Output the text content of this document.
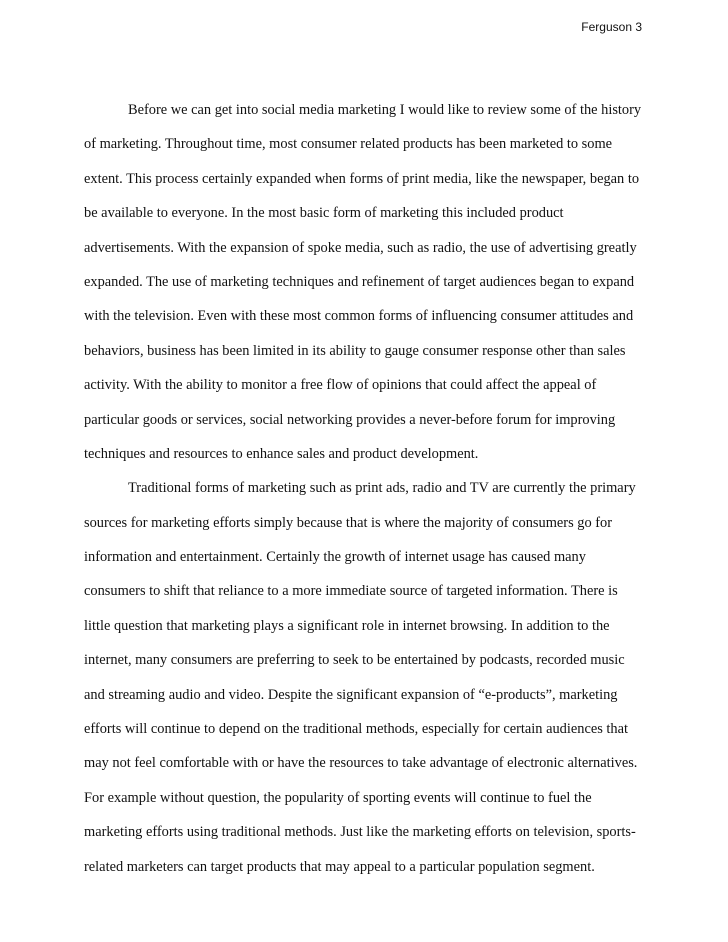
Ferguson 3
Before we can get into social media marketing I would like to review some of the history
of marketing. Throughout time, most consumer related products has been marketed to some
extent. This process certainly expanded when forms of print media, like the newspaper, began to
be available to everyone. In the most basic form of marketing this included product
advertisements. With the expansion of spoke media, such as radio, the use of advertising greatly
expanded. The use of marketing techniques and refinement of target audiences began to expand
with the television. Even with these most common forms of influencing consumer attitudes and
behaviors, business has been limited in its ability to gauge consumer response other than sales
activity. With the ability to monitor a free flow of opinions that could affect the appeal of
particular goods or services, social networking provides a never-before forum for improving
techniques and resources to enhance sales and product development.
Traditional forms of marketing such as print ads, radio and TV are currently the primary
sources for marketing efforts simply because that is where the majority of consumers go for
information and entertainment. Certainly the growth of internet usage has caused many
consumers to shift that reliance to a more immediate source of targeted information. There is
little question that marketing plays a significant role in internet browsing. In addition to the
internet, many consumers are preferring to seek to be entertained by podcasts, recorded music
and streaming audio and video. Despite the significant expansion of “e-products”, marketing
efforts will continue to depend on the traditional methods, especially for certain audiences that
may not feel comfortable with or have the resources to take advantage of electronic alternatives.
For example without question, the popularity of sporting events will continue to fuel the
marketing efforts using traditional methods. Just like the marketing efforts on television, sports-
related marketers can target products that may appeal to a particular population segment.
